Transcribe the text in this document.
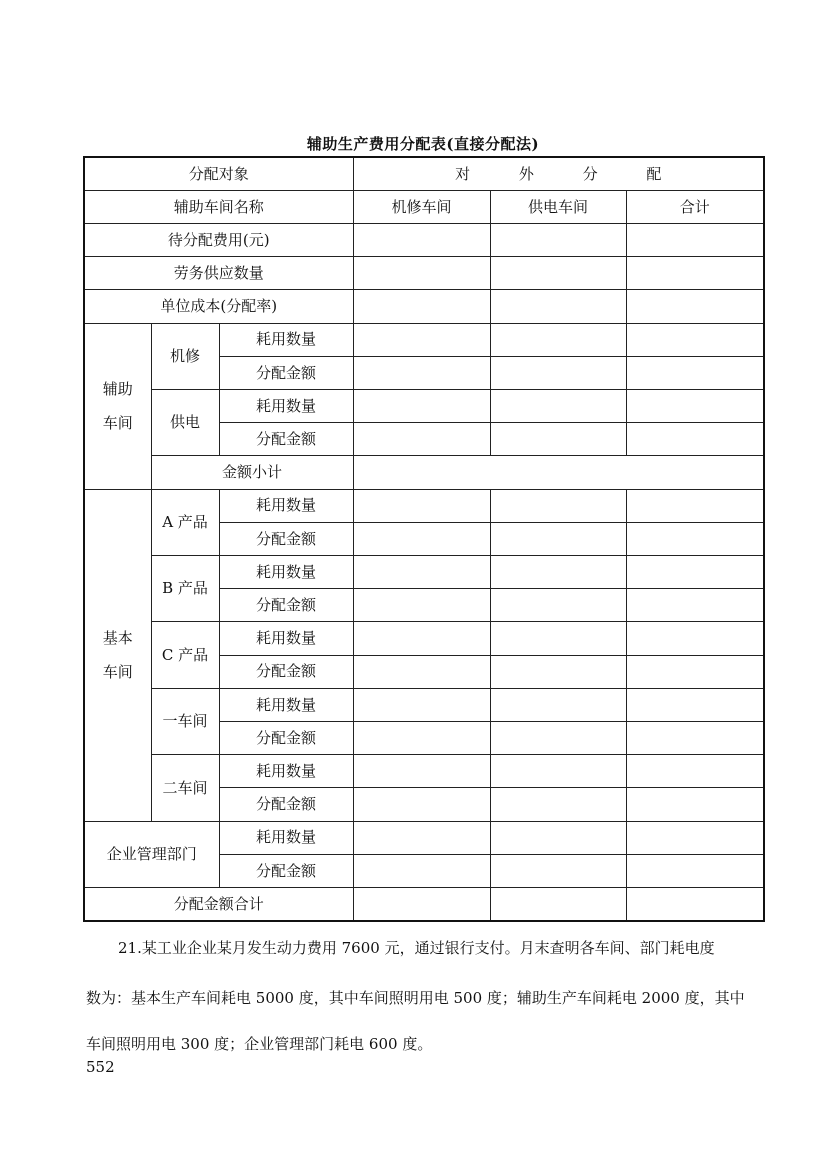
辅助生产费用分配表(直接分配法)
分配对象			对 外 分 配		
辅助车间名称			机修车间	供电车间	合计
待分配费用(元)					
劳务供应数量					
单位成本(分配率)					

辅助
车间	机修	耗用数量			
		分配金额			
	供电	耗用数量			
		分配金额			
	金额小计				

基本
车间	A 产品	耗用数量			
		分配金额			
	B 产品	耗用数量			
		分配金额			
	C 产品	耗用数量			
		分配金额			
	一车间	耗用数量			
		分配金额			
	二车间	耗用数量			
		分配金额			
企业管理部门		耗用数量			
		分配金额			
分配金额合计					

21.某工业企业某月发生动力费用 7600 元，通过银行支付。月末查明各车间、部门耗电度

数为：基本生产车间耗电 5000 度，其中车间照明用电 500 度；辅助生产车间耗电 2000 度，其中

车间照明用电 300 度；企业管理部门耗电 600 度。

552
